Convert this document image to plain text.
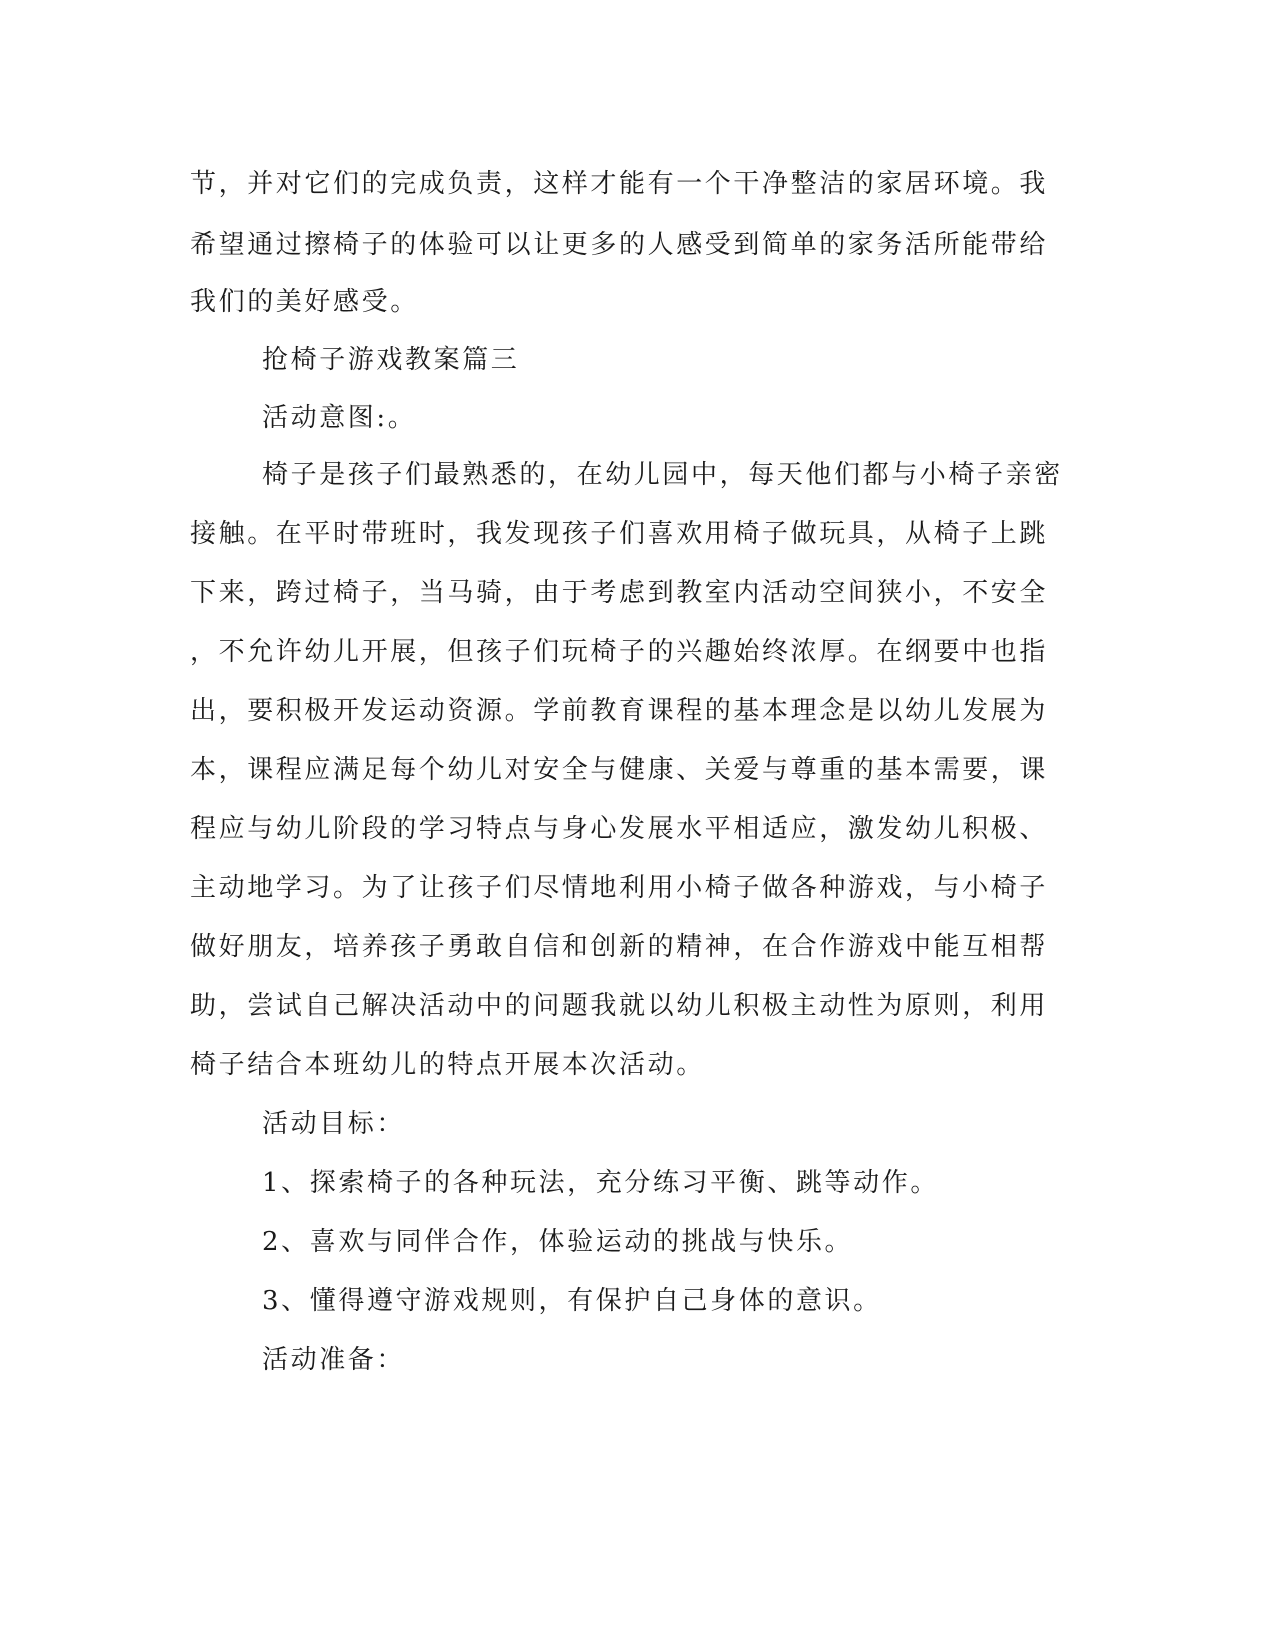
节，并对它们的完成负责，这样才能有一个干净整洁的家居环境。我
希望通过擦椅子的体验可以让更多的人感受到简单的家务活所能带给
我们的美好感受。
抢椅子游戏教案篇三
活动意图:。
椅子是孩子们最熟悉的，在幼儿园中，每天他们都与小椅子亲密
接触。在平时带班时，我发现孩子们喜欢用椅子做玩具，从椅子上跳
下来，跨过椅子，当马骑，由于考虑到教室内活动空间狭小，不安全
，不允许幼儿开展，但孩子们玩椅子的兴趣始终浓厚。在纲要中也指
出，要积极开发运动资源。学前教育课程的基本理念是以幼儿发展为
本，课程应满足每个幼儿对安全与健康、关爱与尊重的基本需要，课
程应与幼儿阶段的学习特点与身心发展水平相适应，激发幼儿积极、
主动地学习。为了让孩子们尽情地利用小椅子做各种游戏，与小椅子
做好朋友，培养孩子勇敢自信和创新的精神，在合作游戏中能互相帮
助，尝试自己解决活动中的问题我就以幼儿积极主动性为原则，利用
椅子结合本班幼儿的特点开展本次活动。
活动目标：
1、探索椅子的各种玩法，充分练习平衡、跳等动作。
2、喜欢与同伴合作，体验运动的挑战与快乐。
3、懂得遵守游戏规则，有保护自己身体的意识。
活动准备：
